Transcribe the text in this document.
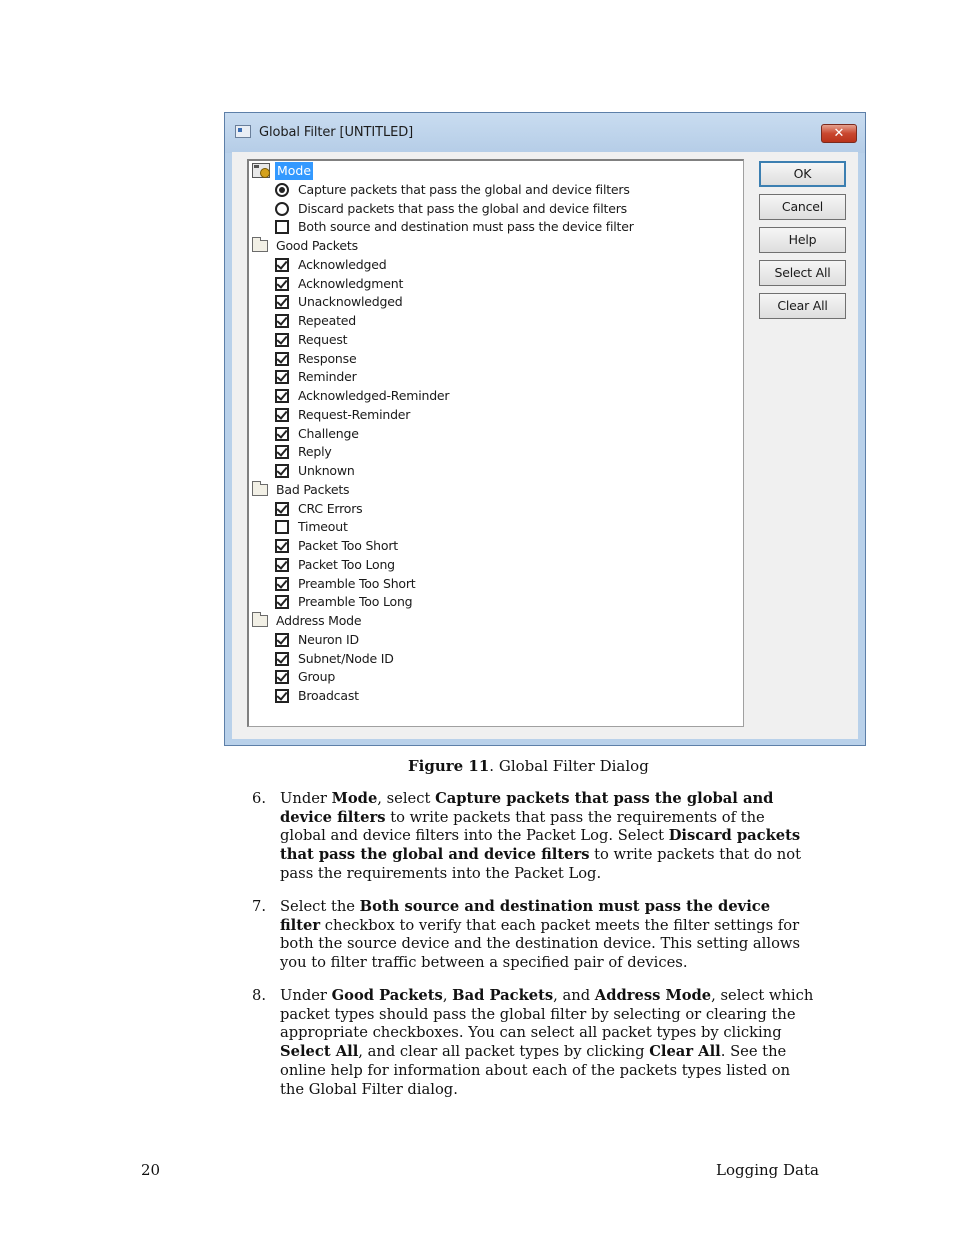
Global Filter [UNTITLED]	✕
Mode
Capture packets that pass the global and device filters
Discard packets that pass the global and device filters
Both source and destination must pass the device filter
Good Packets
Acknowledged
Acknowledgment
Unacknowledged
Repeated
Request
Response
Reminder
Acknowledged-Reminder
Request-Reminder
Challenge
Reply
Unknown
Bad Packets
CRC Errors
Timeout
Packet Too Short
Packet Too Long
Preamble Too Short
Preamble Too Long
Address Mode
Neuron ID
Subnet/Node ID
Group
Broadcast
OK
Cancel
Help
Select All
Clear All
Figure 11. Global Filter Dialog
6. Under Mode, select Capture packets that pass the global and device filters to write packets that pass the requirements of the global and device filters into the Packet Log. Select Discard packets that pass the global and device filters to write packets that do not pass the requirements into the Packet Log.
7. Select the Both source and destination must pass the device filter checkbox to verify that each packet meets the filter settings for both the source device and the destination device. This setting allows you to filter traffic between a specified pair of devices.
8. Under Good Packets, Bad Packets, and Address Mode, select which packet types should pass the global filter by selecting or clearing the appropriate checkboxes. You can select all packet types by clicking Select All, and clear all packet types by clicking Clear All. See the online help for information about each of the packets types listed on the Global Filter dialog.
20	Logging Data
